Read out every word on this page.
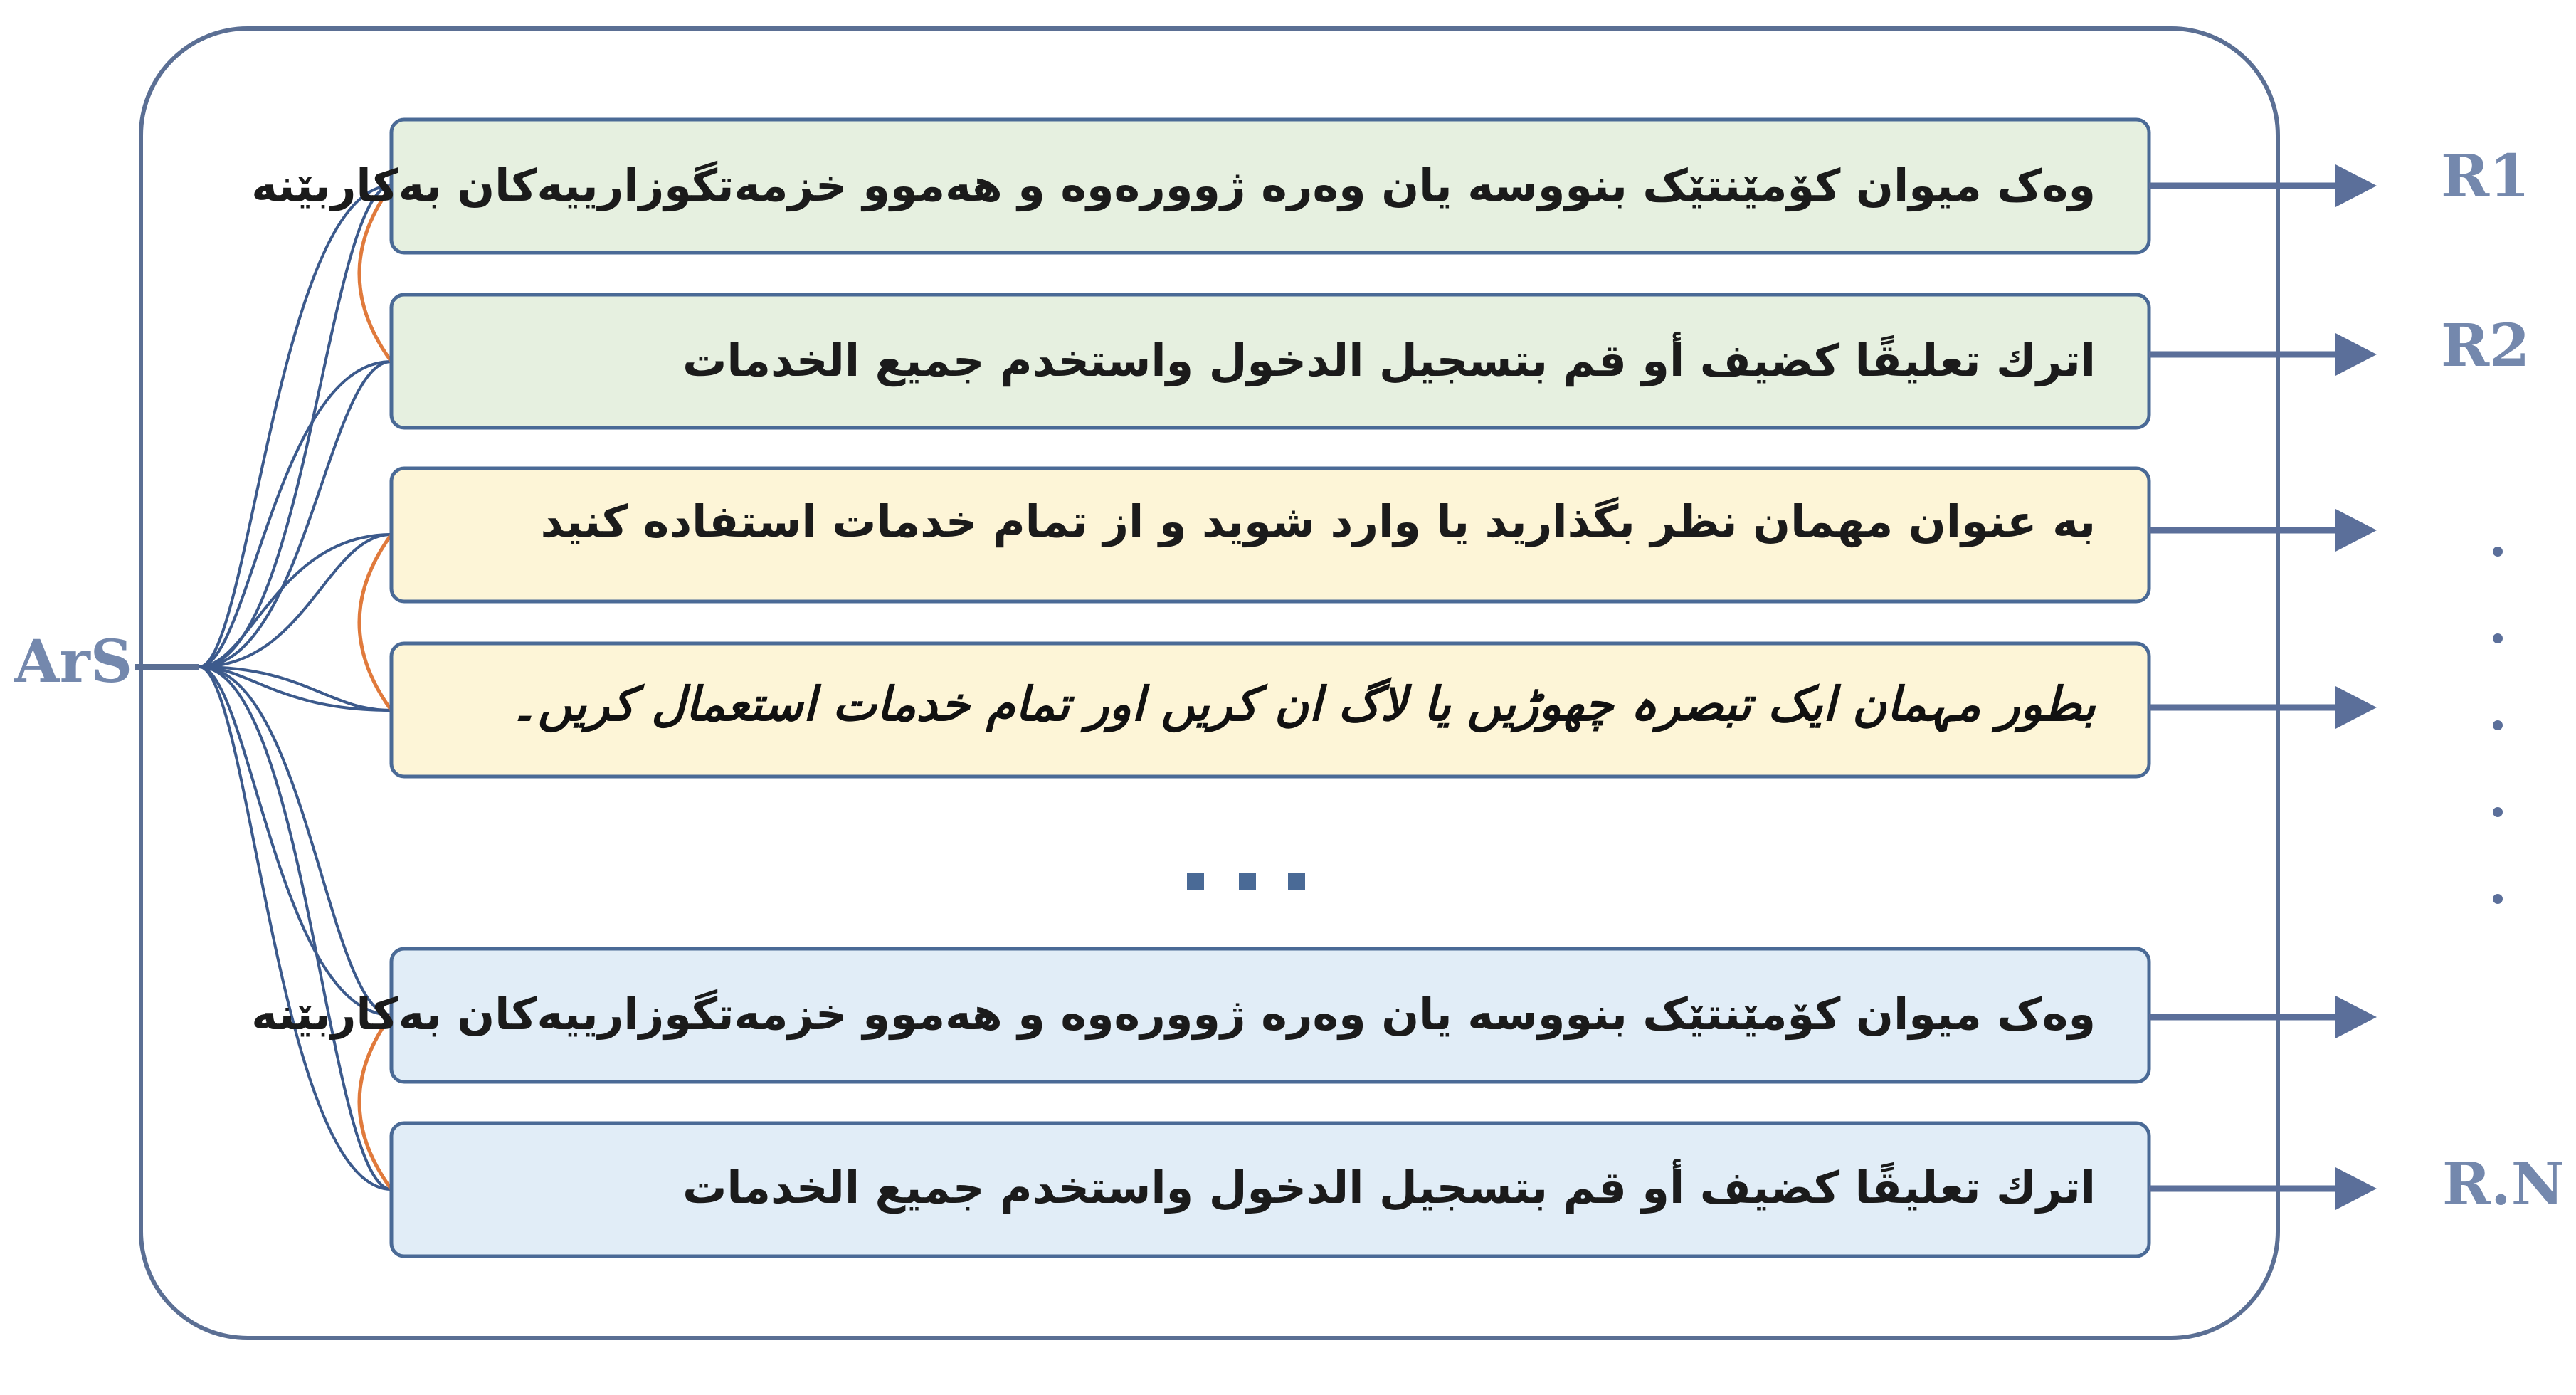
وەک میوان کۆمێنتێک بنووسە یان وەرە ژوورەوە و هەموو خزمەتگوزارییەکان بەکاربێنە	R1
اترك تعليقًا كضيف أو قم بتسجيل الدخول واستخدم جميع الخدمات	R2
به عنوان مهمان نظر بگذارید یا وارد شوید و از تمام خدمات استفاده کنید
بطور مہمان ایک تبصرہ چھوڑیں یا لاگ ان کریں اور تمام خدمات استعمال کریں۔
...
وەک میوان کۆمێنتێک بنووسە یان وەرە ژوورەوە و هەموو خزمەتگوزارییەکان بەکاربێنە
اترك تعليقًا كضيف أو قم بتسجيل الدخول واستخدم جميع الخدمات	R.N
ArS
